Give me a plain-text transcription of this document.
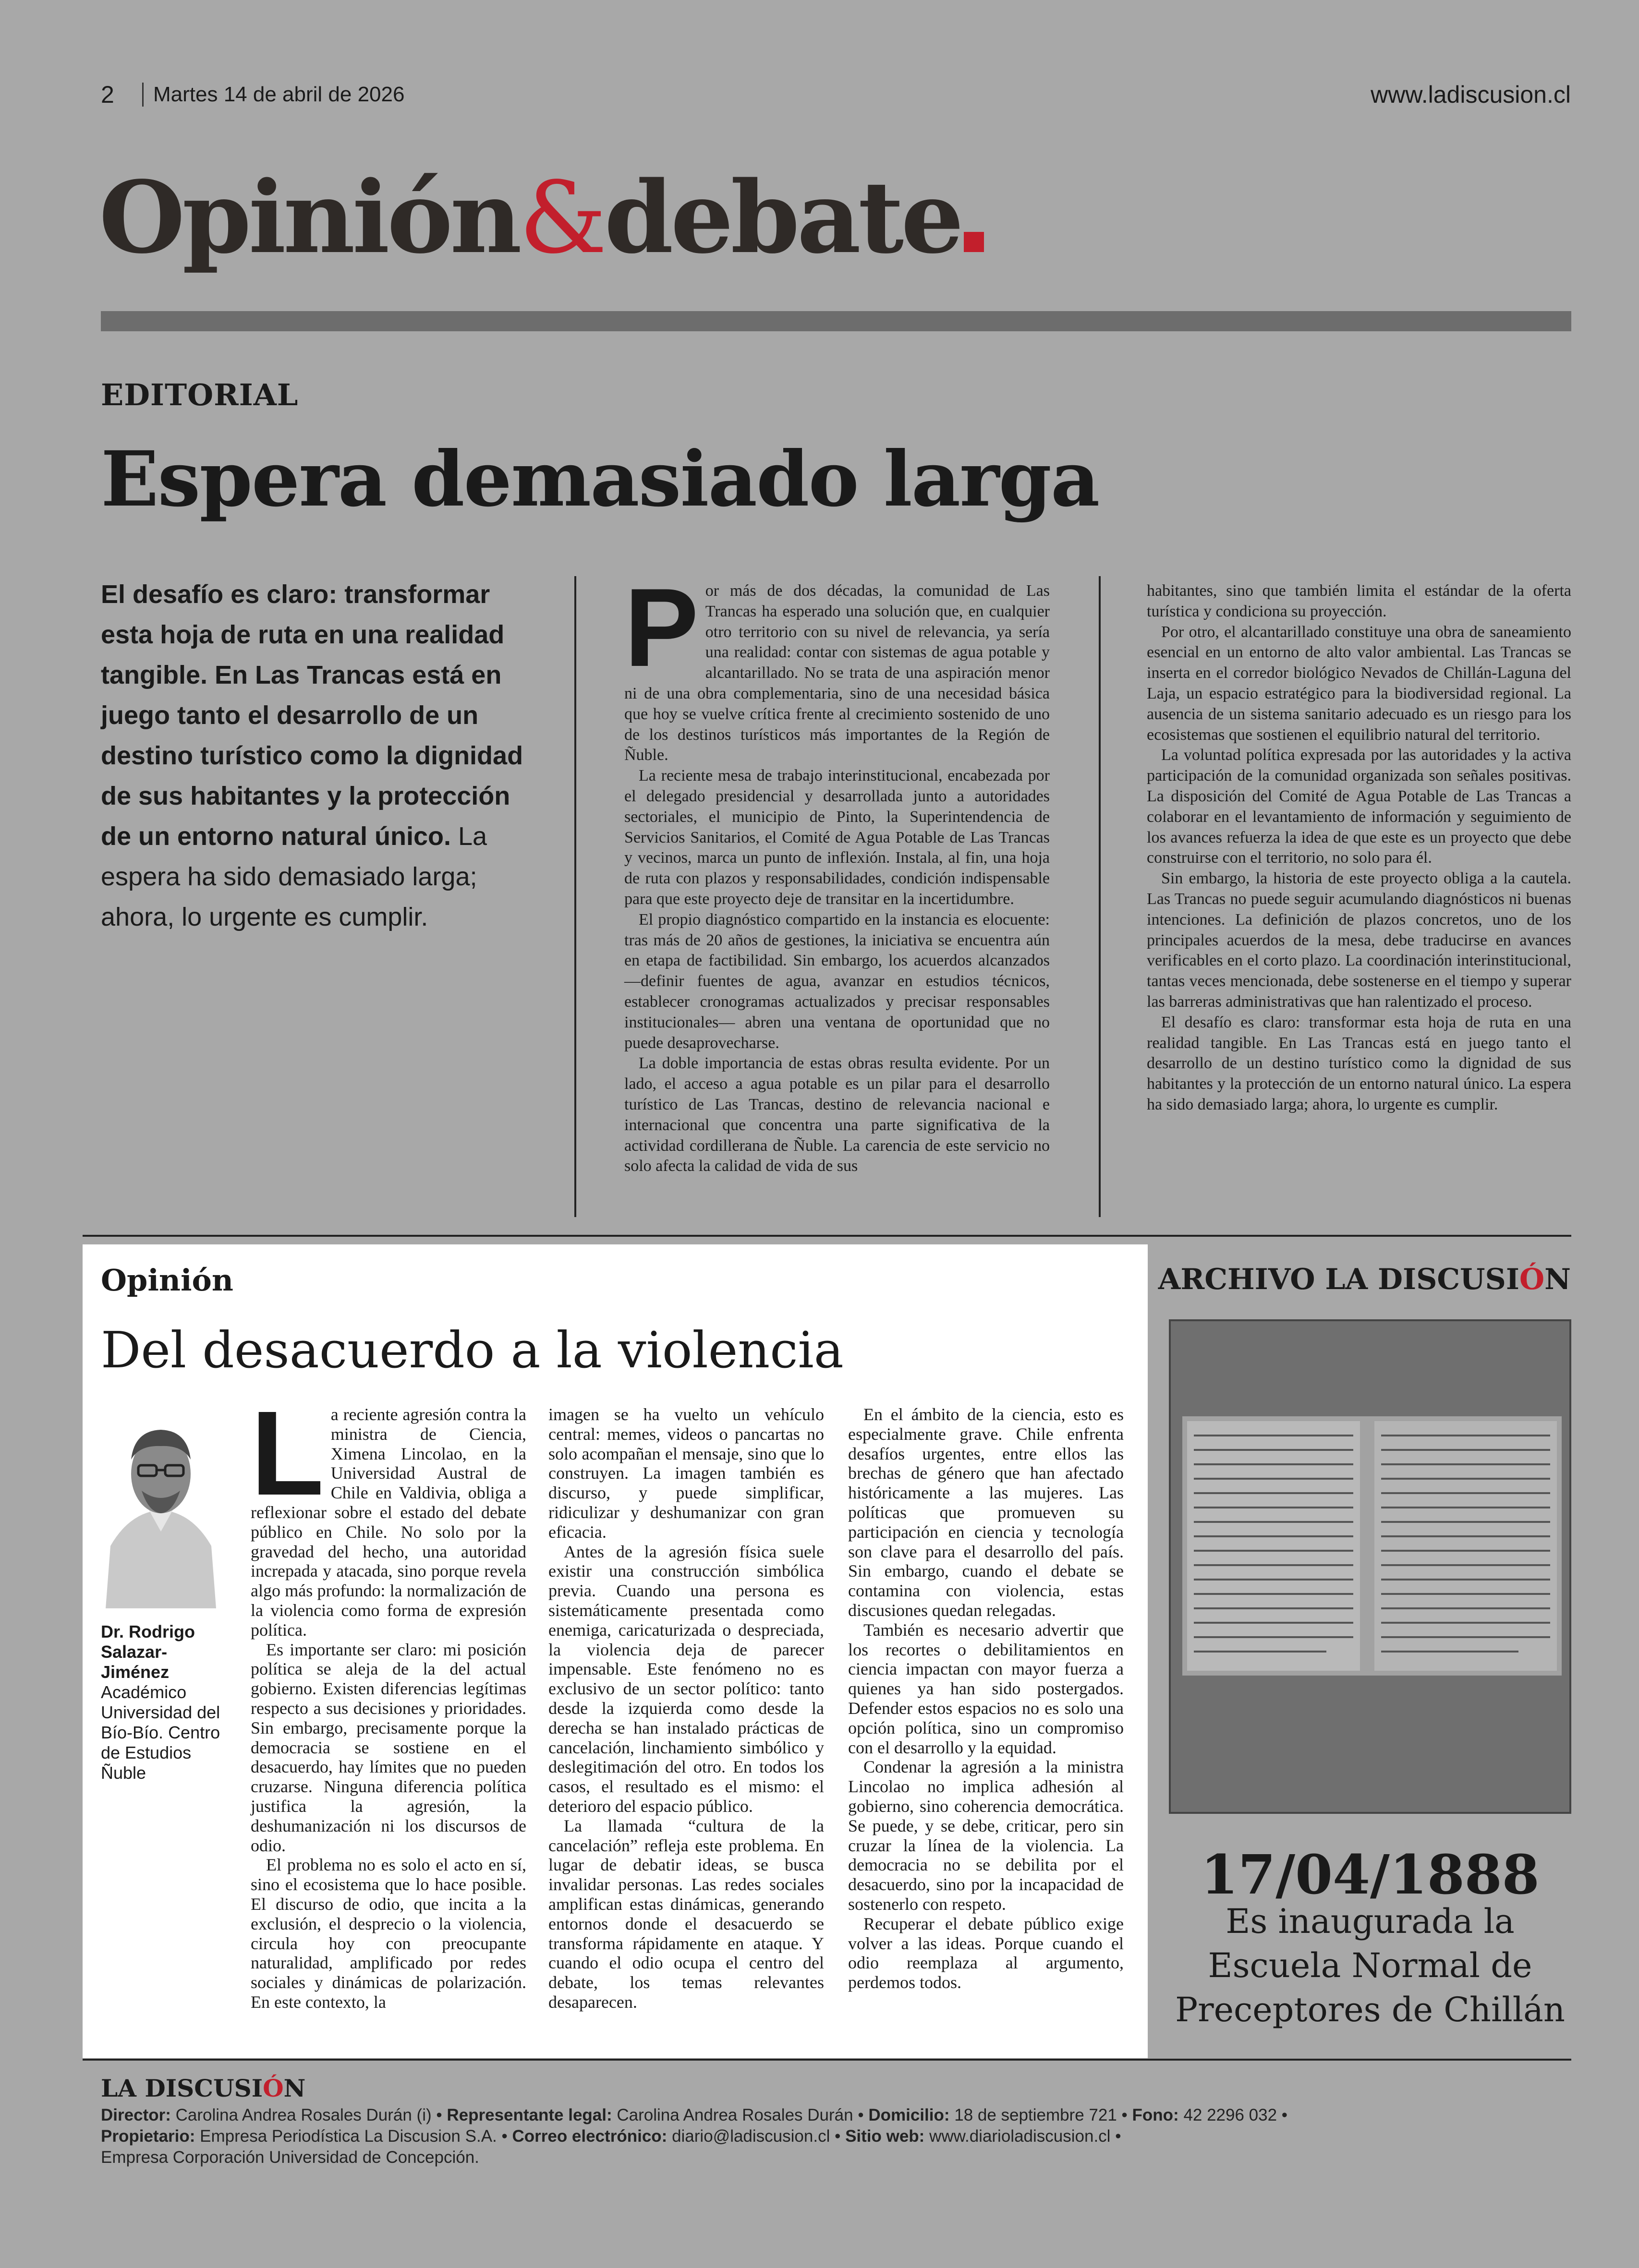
2	Martes 14 de abril de 2026	www.ladiscusion.cl
Opinión&debate
EDITORIAL
Espera demasiado larga
El desafío es claro: transformar esta hoja de ruta en una realidad tangible. En Las Trancas está en juego tanto el desarrollo de un destino turístico como la dignidad de sus habitantes y la protección de un entorno natural único. La espera ha sido demasiado larga; ahora, lo urgente es cumplir.

Por más de dos décadas, la comunidad de Las Trancas ha esperado una solución que, en cualquier otro territorio con su nivel de relevancia, ya sería una realidad: contar con sistemas de agua potable y alcantarillado. No se trata de una aspiración menor ni de una obra complementaria, sino de una necesidad básica que hoy se vuelve crítica frente al crecimiento sostenido de uno de los destinos turísticos más importantes de la Región de Ñuble.

La reciente mesa de trabajo interinstitucional, encabezada por el delegado presidencial y desarrollada junto a autoridades sectoriales, el municipio de Pinto, la Superintendencia de Servicios Sanitarios, el Comité de Agua Potable de Las Trancas y vecinos, marca un punto de inflexión. Instala, al fin, una hoja de ruta con plazos y responsabilidades, condición indispensable para que este proyecto deje de transitar en la incertidumbre.

El propio diagnóstico compartido en la instancia es elocuente: tras más de 20 años de gestiones, la iniciativa se encuentra aún en etapa de factibilidad. Sin embargo, los acuerdos alcanzados —definir fuentes de agua, avanzar en estudios técnicos, establecer cronogramas actualizados y precisar responsables institucionales— abren una ventana de oportunidad que no puede desaprovecharse.

La doble importancia de estas obras resulta evidente. Por un lado, el acceso a agua potable es un pilar para el desarrollo turístico de Las Trancas, destino de relevancia nacional e internacional que concentra una parte significativa de la actividad cordillerana de Ñuble. La carencia de este servicio no solo afecta la calidad de vida de sus

habitantes, sino que también limita el estándar de la oferta turística y condiciona su proyección.

Por otro, el alcantarillado constituye una obra de saneamiento esencial en un entorno de alto valor ambiental. Las Trancas se inserta en el corredor biológico Nevados de Chillán-Laguna del Laja, un espacio estratégico para la biodiversidad regional. La ausencia de un sistema sanitario adecuado es un riesgo para los ecosistemas que sostienen el equilibrio natural del territorio.

La voluntad política expresada por las autoridades y la activa participación de la comunidad organizada son señales positivas. La disposición del Comité de Agua Potable de Las Trancas a colaborar en el levantamiento de información y seguimiento de los avances refuerza la idea de que este es un proyecto que debe construirse con el territorio, no solo para él.

Sin embargo, la historia de este proyecto obliga a la cautela. Las Trancas no puede seguir acumulando diagnósticos ni buenas intenciones. La definición de plazos concretos, uno de los principales acuerdos de la mesa, debe traducirse en avances verificables en el corto plazo. La coordinación interinstitucional, tantas veces mencionada, debe sostenerse en el tiempo y superar las barreras administrativas que han ralentizado el proceso.

El desafío es claro: transformar esta hoja de ruta en una realidad tangible. En Las Trancas está en juego tanto el desarrollo de un destino turístico como la dignidad de sus habitantes y la protección de un entorno natural único. La espera ha sido demasiado larga; ahora, lo urgente es cumplir.

Opinión
Del desacuerdo a la violencia
Dr. Rodrigo Salazar-Jiménez
Académico Universidad del Bío-Bío. Centro de Estudios Ñuble

La reciente agresión contra la ministra de Ciencia, Ximena Lincolao, en la Universidad Austral de Chile en Valdivia, obliga a reflexionar sobre el estado del debate público en Chile. No solo por la gravedad del hecho, una autoridad increpada y atacada, sino porque revela algo más profundo: la normalización de la violencia como forma de expresión política.

Es importante ser claro: mi posición política se aleja de la del actual gobierno. Existen diferencias legítimas respecto a sus decisiones y prioridades. Sin embargo, precisamente porque la democracia se sostiene en el desacuerdo, hay límites que no pueden cruzarse. Ninguna diferencia política justifica la agresión, la deshumanización ni los discursos de odio.

El problema no es solo el acto en sí, sino el ecosistema que lo hace posible. El discurso de odio, que incita a la exclusión, el desprecio o la violencia, circula hoy con preocupante naturalidad, amplificado por redes sociales y dinámicas de polarización. En este contexto, la

imagen se ha vuelto un vehículo central: memes, videos o pancartas no solo acompañan el mensaje, sino que lo construyen. La imagen también es discurso, y puede simplificar, ridiculizar y deshumanizar con gran eficacia.

Antes de la agresión física suele existir una construcción simbólica previa. Cuando una persona es sistemáticamente presentada como enemiga, caricaturizada o despreciada, la violencia deja de parecer impensable. Este fenómeno no es exclusivo de un sector político: tanto desde la izquierda como desde la derecha se han instalado prácticas de cancelación, linchamiento simbólico y deslegitimación del otro. En todos los casos, el resultado es el mismo: el deterioro del espacio público.

La llamada “cultura de la cancelación” refleja este problema. En lugar de debatir ideas, se busca invalidar personas. Las redes sociales amplifican estas dinámicas, generando entornos donde el desacuerdo se transforma rápidamente en ataque. Y cuando el odio ocupa el centro del debate, los temas relevantes desaparecen.

En el ámbito de la ciencia, esto es especialmente grave. Chile enfrenta desafíos urgentes, entre ellos las brechas de género que han afectado históricamente a las mujeres. Las políticas que promueven su participación en ciencia y tecnología son clave para el desarrollo del país. Sin embargo, cuando el debate se contamina con violencia, estas discusiones quedan relegadas.

También es necesario advertir que los recortes o debilitamientos en ciencia impactan con mayor fuerza a quienes ya han sido postergados. Defender estos espacios no es solo una opción política, sino un compromiso con el desarrollo y la equidad.

Condenar la agresión a la ministra Lincolao no implica adhesión al gobierno, sino coherencia democrática. Se puede, y se debe, criticar, pero sin cruzar la línea de la violencia. La democracia no se debilita por el desacuerdo, sino por la incapacidad de sostenerlo con respeto.

Recuperar el debate público exige volver a las ideas. Porque cuando el odio reemplaza al argumento, perdemos todos.

ARCHIVO LA DISCUSIÓN
17/04/1888
Es inaugurada la Escuela Normal de Preceptores de Chillán
LA DISCUSIÓN
Director: Carolina Andrea Rosales Durán (i) • Representante legal: Carolina Andrea Rosales Durán • Domicilio: 18 de septiembre 721 • Fono: 42 2296 032 •
Propietario: Empresa Periodística La Discusion S.A. • Correo electrónico: diario@ladiscusion.cl • Sitio web: www.diarioladiscusion.cl •
Empresa Corporación Universidad de Concepción.
